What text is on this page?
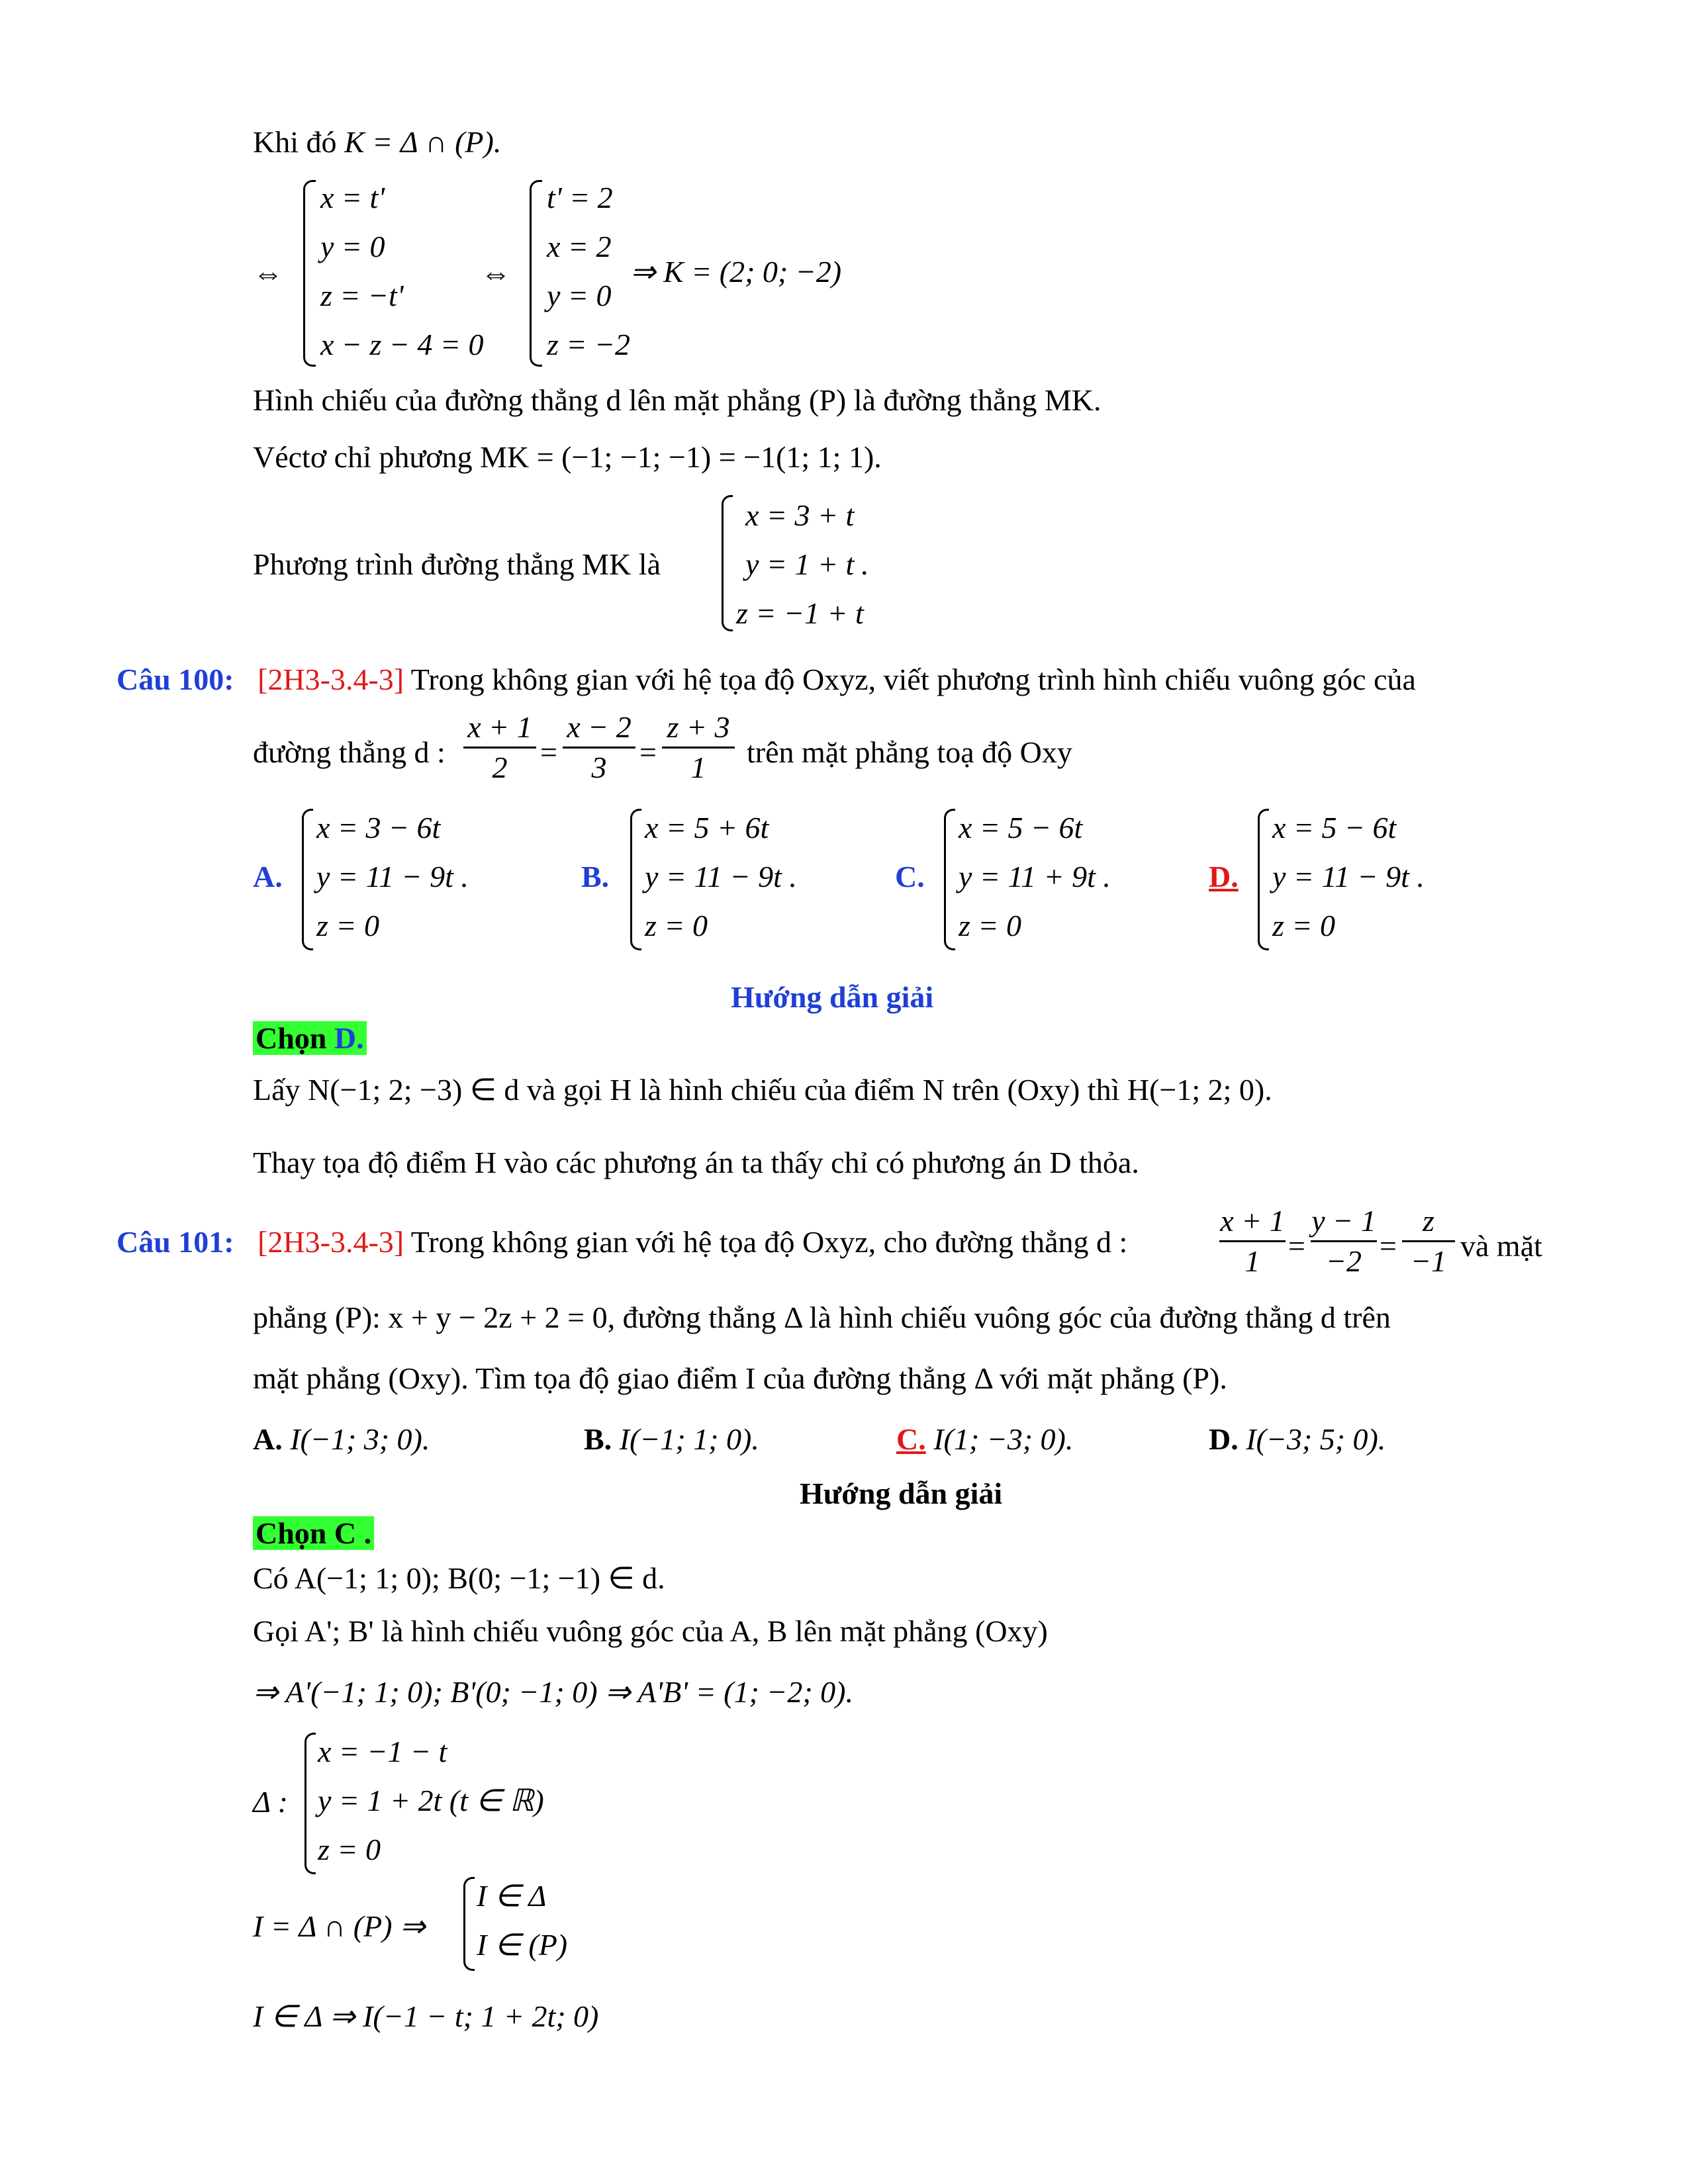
Khi đó K = Δ ∩ (P).
⇔
x = t'
y = 0
z = −t'
x − z − 4 = 0
⇔
t' = 2
x = 2
y = 0
z = −2
⇒ K = (2; 0; −2)
Hình chiếu của đường thẳng d lên mặt phẳng (P) là đường thẳng MK.
Véctơ chỉ phương MK = (−1; −1; −1) = −1(1; 1; 1).
Phương trình đường thẳng MK là
x = 3 + t
y = 1 + t
z = −1 + t
.
Câu 100: [2H3-3.4-3] Trong không gian với hệ tọa độ Oxyz, viết phương trình hình chiếu vuông góc của
đường thẳng d :
x + 1
2	=
x − 2
3	=
z + 3
1	trên mặt phẳng toạ độ Oxy
A.
x = 3 − 6t
y = 11 − 9t .
z = 0
B.
x = 5 + 6t
y = 11 − 9t .
z = 0
C.
x = 5 − 6t
y = 11 + 9t .
z = 0
D.
x = 5 − 6t
y = 11 − 9t .
z = 0
Hướng dẫn giải
Chọn D.
Lấy N(−1; 2; −3) ∈ d và gọi H là hình chiếu của điểm N trên (Oxy) thì H(−1; 2; 0).
Thay tọa độ điểm H vào các phương án ta thấy chỉ có phương án D thỏa.
Câu 101: [2H3-3.4-3] Trong không gian với hệ tọa độ Oxyz, cho đường thẳng d :
x + 1
1 =
y − 1
−2 =
z
−1 và mặt
phẳng (P): x + y − 2z + 2 = 0, đường thẳng Δ là hình chiếu vuông góc của đường thẳng d trên
mặt phẳng (Oxy). Tìm tọa độ giao điểm I của đường thẳng Δ với mặt phẳng (P).
A. I(−1; 3; 0).	B. I(−1; 1; 0).	C. I(1; −3; 0).	D. I(−3; 5; 0).
Hướng dẫn giải
Chọn C .
Có A(−1; 1; 0); B(0; −1; −1) ∈ d.
Gọi A'; B' là hình chiếu vuông góc của A, B lên mặt phẳng (Oxy)
⇒ A'(−1; 1; 0); B'(0; −1; 0) ⇒ A'B' = (1; −2; 0).
Δ :
x = −1 − t
y = 1 + 2t (t ∈ ℝ)
z = 0
I = Δ ∩ (P) ⇒
I ∈ Δ
I ∈ (P)
I ∈ Δ ⇒ I(−1 − t; 1 + 2t; 0)
